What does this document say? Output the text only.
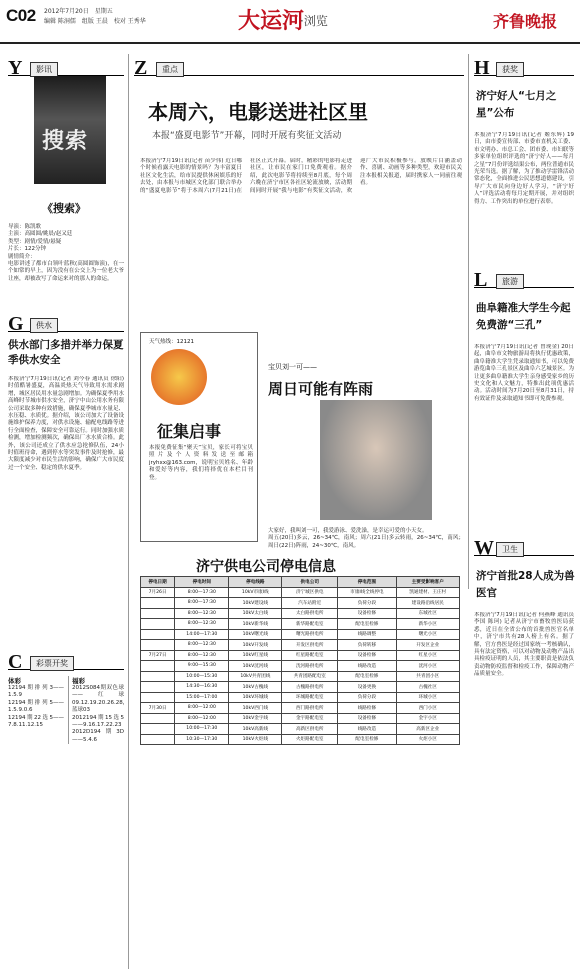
C02 2012年7月20日　星期五
编辑 陈洞儒　组版 王晨　校对 王秀华	大运河
·浏览	齐鲁晚报
Y	影讯
搜索
《搜索》
导演：陈凯歌
主演：高圆圆/姚晨/赵又廷
类型：剧情/爱情/悬疑
片长：122分钟
剧情简介：
电影讲述了都市白领叶蓝秋(高圆圆饰演)，在一个如常的早上，因为没有在公交上为一位老大爷让座，却被改写了命运来对的那人的命运。
G	供水
供水部门多措并举力保夏季供水安全
本报济宁7月19日讯(记者 刘今春 通讯员 徐阳) 时值酷暑盛夏，高温炎热天气导致用水需求剧增，城区居民用水量急剧增加。为确保夏季用水高峰时节城市供水安全，济宁中山公用水务有限公司采取多种有效措施，确保夏季城市水量足、水压稳、水质优。据介绍，该公司加大了设备设施维护保养力度，对供水设施、输配电线路等进行全面检查，保障安全可靠运行。同时加强水质检测，增加检测频次，确保出厂水水质合格。此外，该公司还成立了供水应急抢修队伍，24小时值班待命，遇到停水等突发事件及时抢修，最大限度减少对市民生活的影响，确保广大市民度过一个安全、稳定的供水夏季。
C	彩票开奖
体彩
12194期排列3——1.5.9
12194期排列5——1.5.9.0.6
12194期22选5——7.8.11.12.15
福彩
2012S084期双色球——红球09.12.19.20.26.28，蓝球03
2012194期15选5——9.16.17.22.23
2012D194期3D——5.4.6
Z	重点
本周六，电影送进社区里
本报“盛夏电影节”开幕，同时开展有奖征文活动
本报济宁7月19日讯(记者 苗少伟) 近日哪个时候看露天电影的情景吗？为丰富夏日社区文化生活，给市民提供休闲娱乐的好去处，由本报与市城区文化部门联合举办的“盛夏电影节”将于本周六(7月21日)在社区正式开幕。届时，精彩的电影将走进社区，让市民在家门口免费观看。据介绍，此次电影节将持续至8月底，每个周六晚在济宁市区各社区轮流放映，活动期间同时开展“我与电影”有奖征文活动，欢迎广大市民积极参与。放映片目涵盖动作、喜剧、动画等多种类型，欢迎市民关注本报相关报道，届时携家人一同前往观看。
天气热线：12121
征集启事
本报免费征集“聚天”宝贝，家长可将宝贝照片及个人资料发送至邮箱jryhxx@163.com，说明宝贝姓名、年龄和爱好等内容，我们将择优在本栏目刊登。
宝贝刘一可——
周日可能有阵雨
大家好，我叫刘一可，我爱游泳、爱洗澡，是幸运可爱的小天女。
周五(20日)多云，26~34℃，南风；周六(21日)多云转雨，26~34℃，南风；周日(22日)阵雨，24~30℃，南风。
济宁供电公司停电信息
停电日期	停电时间	停电线路	供电公司	停电范围	主要受影响客户
7月26日	8:00—17:30	10kV市康I线	济宁城区供电	市康I线全线停电	凯通建材、王庄村
	8:00—17:30	10kV建设线	汽车站附近	负荷分段	建设路沿线居民
	8:00—12:30	10kV太白线	太白路供电所	设备检修	东城社区
	8:00—12:30	10kV新华线	新华路配电室	配电室检修	新华小区
	14:00—17:30	10kV曙光线	曙光路供电所	线路调整	曙光小区
	8:00—12:30	10kV开发线	开发区供电所	负荷转移	开发区企业
7月27日	8:00—12:30	10kV红星线	红星路配电室	设备检修	红星小区
	9:00—15:30	10kV洸河线	洸河路供电所	线路改造	洸河小区
	10:00—15:30	10kV共青团线	共青团路配电室	配电室检修	共青团小区
	14:30—16:30	10kV古槐线	古槐路供电所	设备更换	古槐社区
	15:00—17:00	10kV环城线	环城路配电室	负荷分段	环城小区
7月30日	8:00—12:00	10kV西门线	西门路供电所	线路检修	西门小区
	8:00—12:00	10kV金宇线	金宇路配电室	设备检修	金宇小区
	10:00—17:30	10kV高新线	高新区供电所	线路改造	高新区企业
	10:30—17:30	10kV火炬线	火炬路配电室	配电室检修	火炬小区
H	获奖
济宁好人“七月之星”公布
本报济宁7月19日讯(记者 姬东辉) 19日，由市委宣传部、市委市直机关工委、市文明办、市总工会、团市委、市妇联等多家单位组织评选的“济宁好人——每月之星”7月份评选结果公布，两位普通市民光荣当选。据了解，为了推动学雷锋活动常态化，全面推进公民思想道德建设，引导广大市民向身边好人学习，“济宁好人”评选活动将每月定期开展，并对组织得力、工作突出的单位进行表彰。
L	旅游
曲阜籍准大学生今起免费游“三孔”
本报济宁7月19日讯(记者 曾现金) 20日起，曲阜市文物旅游局将执行优惠政策，曲阜籍准大学生凭录取通知书，可以免费游览曲阜三孔景区及曲阜六艺城景区。为让更多曲阜籍准大学生亲身感受家乡的历史文化和人文魅力，特推出此项优惠活动。活动时间为7月20日至8月31日，持有效证件及录取通知书即可免费参观。
W	卫生
济宁首批28人成为兽医官
本报济宁7月19日讯(记者 何燕峰 通讯员 李国 陈珂) 记者从济宁市畜牧兽医局获悉，近日在全省公布的首批兽医官名单中，济宁市共有28人榜上有名。据了解，官方兽医是经过国家统一考核确认，具有法定资格，可以对动物及动物产品出具检疫证明的人员，其主要职责是依法负责动物防疫监督和检疫工作，保障动物产品质量安全。
